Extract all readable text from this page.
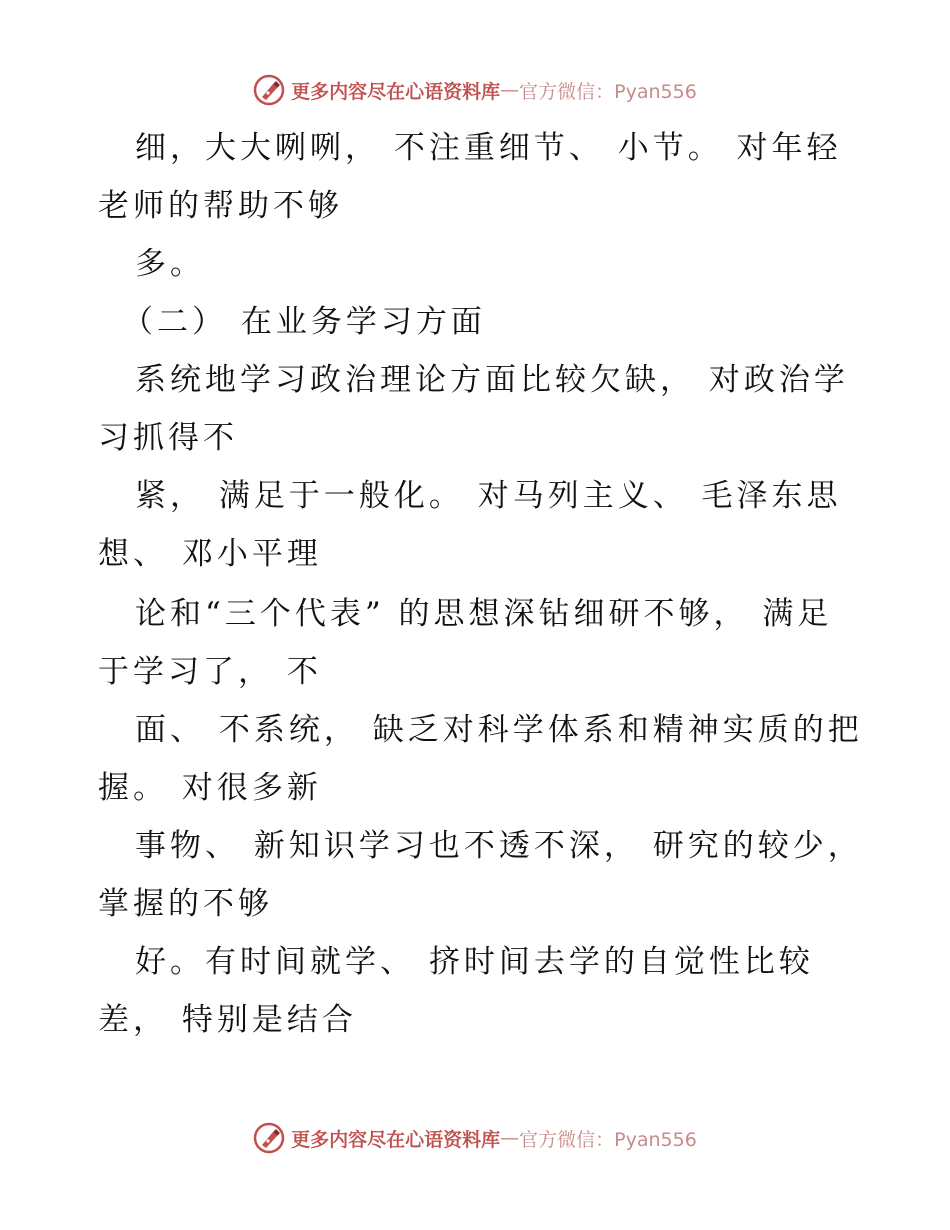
更多内容尽在心语资料库 — 官方微信：Pyan556
细，大大咧咧， 不注重细节、 小节。 对年轻
老师的帮助不够
多。
（二） 在业务学习方面
系统地学习政治理论方面比较欠缺， 对政治学
习抓得不
紧， 满足于一般化。 对马列主义、 毛泽东思
想、 邓小平理
论和“三个代表” 的思想深钻细研不够， 满足
于学习了， 不
面、 不系统， 缺乏对科学体系和精神实质的把
握。 对很多新
事物、 新知识学习也不透不深， 研究的较少，
掌握的不够
好。有时间就学、 挤时间去学的自觉性比较
差， 特别是结合
更多内容尽在心语资料库 — 官方微信：Pyan556
